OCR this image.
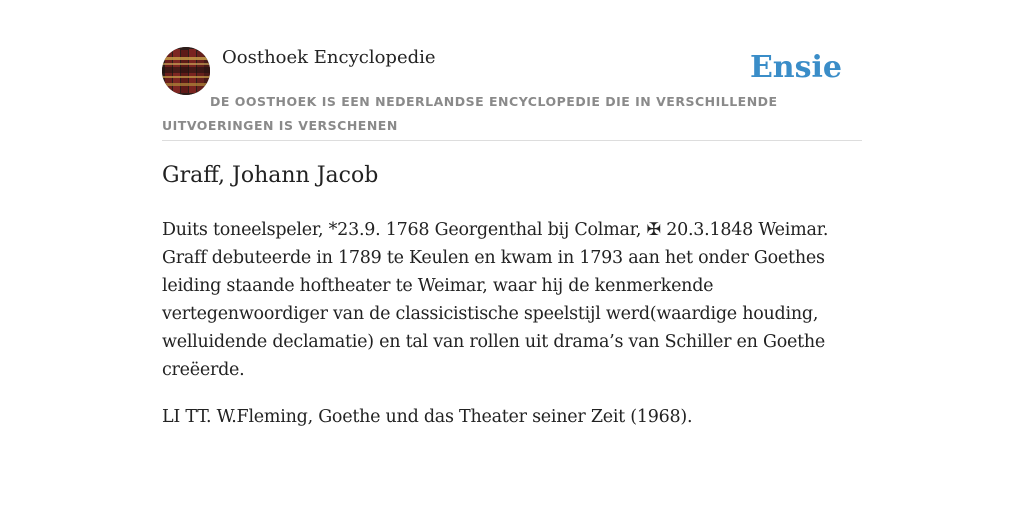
Oosthoek Encyclopedie	Ensie
DE OOSTHOEK IS EEN NEDERLANDSE ENCYCLOPEDIE DIE IN VERSCHILLENDE UITVOERINGEN IS VERSCHENEN
Graff, Johann Jacob

Duits toneelspeler, *23.9. 1768 Georgenthal bij Colmar, ✠ 20.3.1848 Weimar. Graff debuteerde in 1789 te Keulen en kwam in 1793 aan het onder Goethes leiding staande hoftheater te Weimar, waar hij de kenmerkende vertegenwoordiger van de classicistische speelstijl werd(waardige houding, welluidende declamatie) en tal van rollen uit drama’s van Schiller en Goethe creëerde.

LI TT. W.Fleming, Goethe und das Theater seiner Zeit (1968).
